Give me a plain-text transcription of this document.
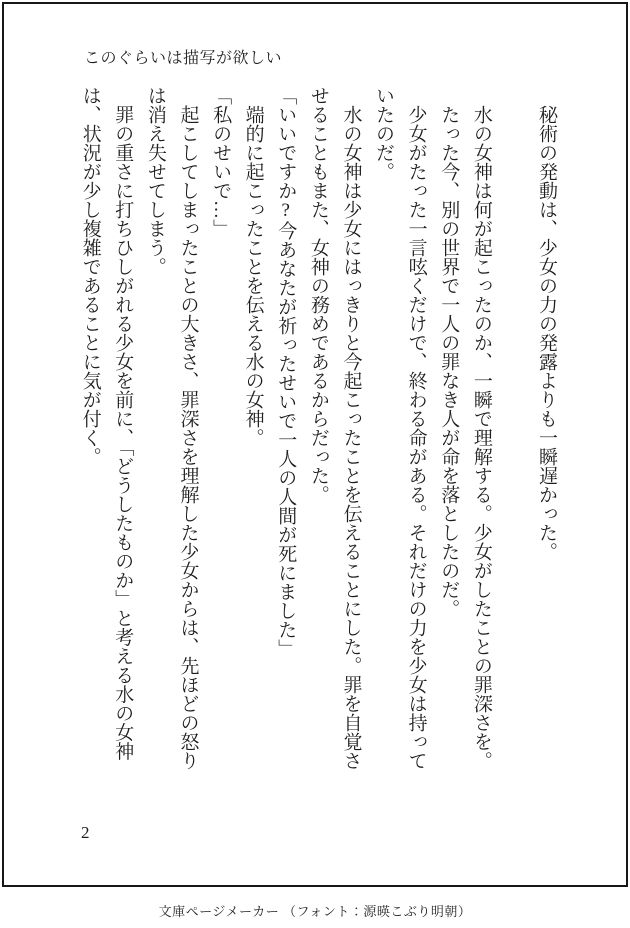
このぐらいは描写が欲しい
　秘術の発動は、少女の力の発露よりも一瞬遅かった。
　水の女神は何が起こったのか、一瞬で理解する。少女がしたことの罪深さを。
　たった今、別の世界で一人の罪なき人が命を落としたのだ。
　少女がたった一言呟くだけで、終わる命がある。それだけの力を少女は持って
いたのだ。
　水の女神は少女にはっきりと今起こったことを伝えることにした。罪を自覚さ
せることもまた、女神の務めであるからだった。
「いいですか?今あなたが祈ったせいで一人の人間が死にました」
　端的に起こったことを伝える水の女神。
「私のせいで…」
　起こしてしまったことの大きさ、罪深さを理解した少女からは、先ほどの怒り
は消え失せてしまう。
　罪の重さに打ちひしがれる少女を前に、「どうしたものか」と考える水の女神
は、状況が少し複雑であることに気が付く。
2
文庫ページメーカー （フォント：源暎こぶり明朝）
